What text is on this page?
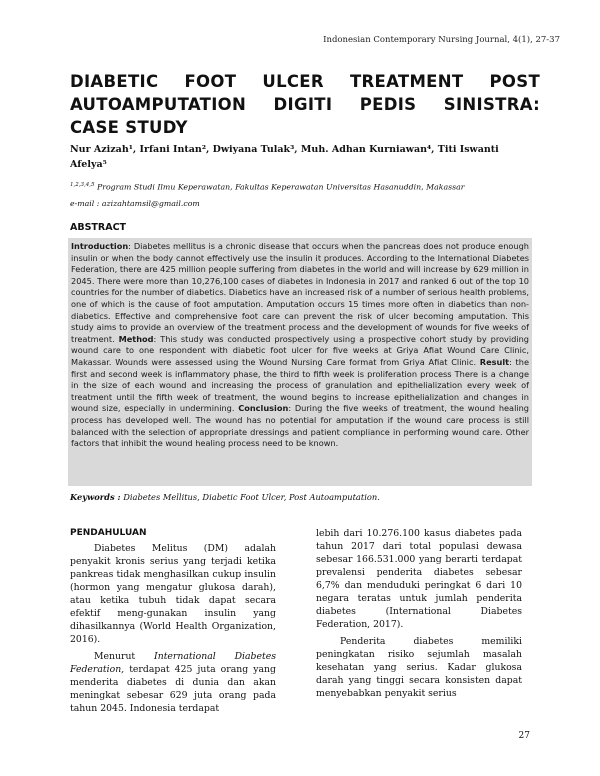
Indonesian Contemporary Nursing Journal, 4(1), 27-37
DIABETIC FOOT ULCER TREATMENT POST
AUTOAMPUTATION DIGITI PEDIS SINISTRA:
CASE STUDY
Nur Azizah¹, Irfani Intan², Dwiyana Tulak³, Muh. Adhan Kurniawan⁴, Titi Iswanti
Afelya⁵
$^{1,2,3,4,5}$ Program Studi Ilmu Keperawatan, Fakultas Keperawatan Universitas Hasanuddin, Makassar
e-mail : azizahtamsil@gmail.com
ABSTRACT
Introduction: Diabetes mellitus is a chronic disease that occurs when the pancreas does not produce enough insulin or when the body cannot effectively use the insulin it produces. According to the International Diabetes Federation, there are 425 million people suffering from diabetes in the world and will increase by 629 million in 2045. There were more than 10,276,100 cases of diabetes in Indonesia in 2017 and ranked 6 out of the top 10 countries for the number of diabetics. Diabetics have an increased risk of a number of serious health problems, one of which is the cause of foot amputation. Amputation occurs 15 times more often in diabetics than non-diabetics. Effective and comprehensive foot care can prevent the risk of ulcer becoming amputation. This study aims to provide an overview of the treatment process and the development of wounds for five weeks of treatment. Method: This study was conducted prospectively using a prospective cohort study by providing wound care to one respondent with diabetic foot ulcer for five weeks at Griya Afiat Wound Care Clinic, Makassar. Wounds were assessed using the Wound Nursing Care format from Griya Afiat Clinic. Result: the first and second week is inflammatory phase, the third to fifth week is proliferation process There is a change in the size of each wound and increasing the process of granulation and epithelialization every week of treatment until the fifth week of treatment, the wound begins to increase epithelialization and changes in wound size, especially in undermining. Conclusion: During the five weeks of treatment, the wound healing process has developed well. The wound has no potential for amputation if the wound care process is still balanced with the selection of appropriate dressings and patient compliance in performing wound care. Other factors that inhibit the wound healing process need to be known.
Keywords : Diabetes Mellitus, Diabetic Foot Ulcer, Post Autoamputation.
PENDAHULUAN

Diabetes Melitus (DM) adalah penyakit kronis serius yang terjadi ketika pankreas tidak menghasilkan cukup insulin (hormon yang mengatur glukosa darah), atau ketika tubuh tidak dapat secara efektif meng-gunakan insulin yang dihasilkannya (World Health Organization, 2016).

Menurut International Diabetes Federation, terdapat 425 juta orang yang menderita diabetes di dunia dan akan meningkat sebesar 629 juta orang pada tahun 2045. Indonesia terdapat

lebih dari 10.276.100 kasus diabetes pada tahun 2017 dari total populasi dewasa sebesar 166.531.000 yang berarti terdapat prevalensi penderita diabetes sebesar 6,7% dan menduduki peringkat 6 dari 10 negara teratas untuk jumlah penderita diabetes (International Diabetes Federation, 2017).

Penderita diabetes memiliki peningkatan risiko sejumlah masalah kesehatan yang serius. Kadar glukosa darah yang tinggi secara konsisten dapat menyebabkan penyakit serius

27
